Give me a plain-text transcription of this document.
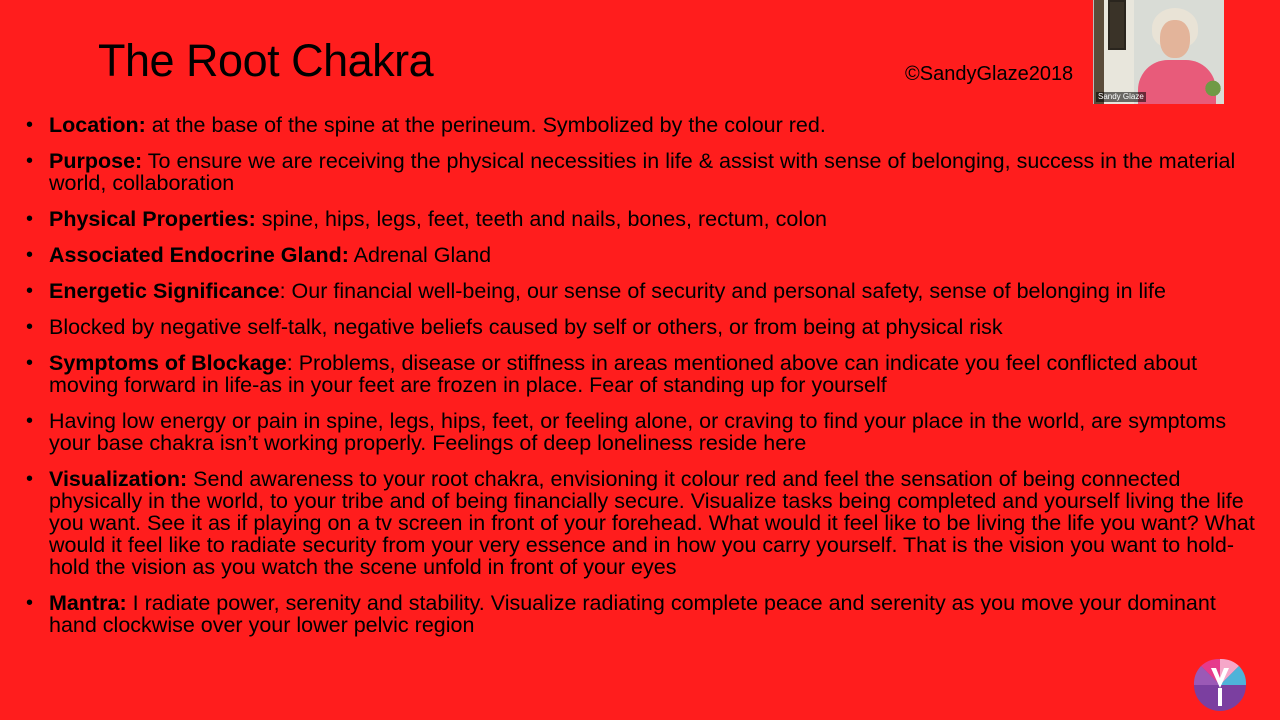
The Root Chakra	©SandyGlaze2018
• Location: at the base of the spine at the perineum. Symbolized by the colour red.
• Purpose: To ensure we are receiving the physical necessities in life & assist with sense of belonging, success in the material world, collaboration
• Physical Properties: spine, hips, legs, feet, teeth and nails, bones, rectum, colon
• Associated Endocrine Gland: Adrenal Gland
• Energetic Significance: Our financial well-being, our sense of security and personal safety, sense of belonging in life
• Blocked by negative self-talk, negative beliefs caused by self or others, or from being at physical risk
• Symptoms of Blockage: Problems, disease or stiffness in areas mentioned above can indicate you feel conflicted about moving forward in life-as in your feet are frozen in place. Fear of standing up for yourself
• Having low energy or pain in spine, legs, hips, feet, or feeling alone, or craving to find your place in the world, are symptoms your base chakra isn’t working properly. Feelings of deep loneliness reside here
• Visualization: Send awareness to your root chakra, envisioning it colour red and feel the sensation of being connected physically in the world, to your tribe and of being financially secure. Visualize tasks being completed and yourself living the life you want. See it as if playing on a tv screen in front of your forehead. What would it feel like to be living the life you want? What would it feel like to radiate security from your very essence and in how you carry yourself. That is the vision you want to hold-hold the vision as you watch the scene unfold in front of your eyes
• Mantra: I radiate power, serenity and stability. Visualize radiating complete peace and serenity as you move your dominant hand clockwise over your lower pelvic region
Sandy Glaze
